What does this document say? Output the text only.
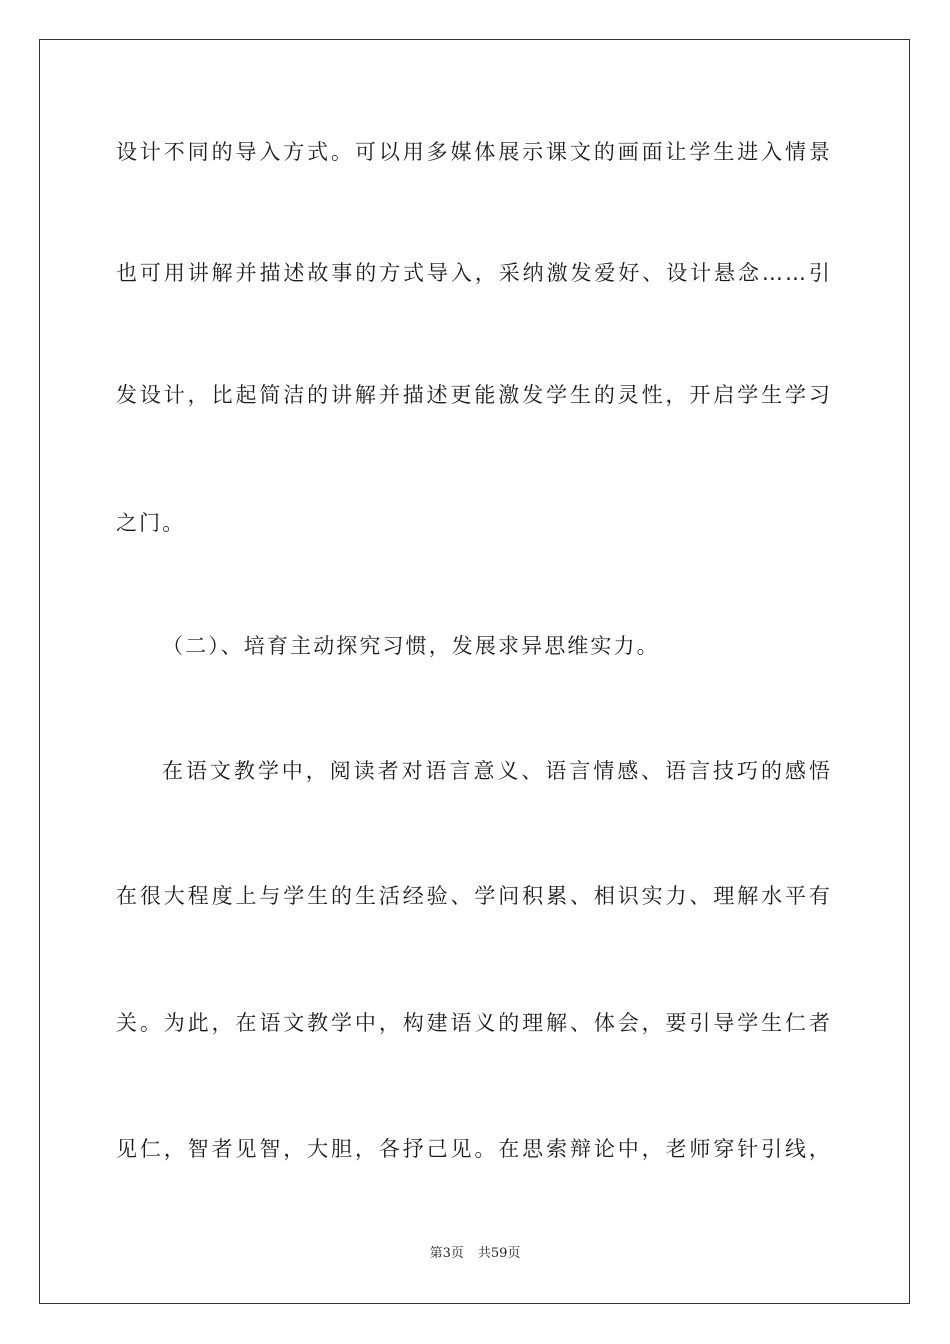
设计不同的导入方式。可以用多媒体展示课文的画面让学生进入情景
也可用讲解并描述故事的方式导入，采纳激发爱好、设计悬念……引
发设计，比起简洁的讲解并描述更能激发学生的灵性，开启学生学习
之门。
（二）、培育主动探究习惯，发展求异思维实力。
在语文教学中，阅读者对语言意义、语言情感、语言技巧的感悟
在很大程度上与学生的生活经验、学问积累、相识实力、理解水平有
关。为此，在语文教学中，构建语义的理解、体会，要引导学生仁者
见仁，智者见智，大胆，各抒己见。在思索辩论中，老师穿针引线，
第3页 共59页
